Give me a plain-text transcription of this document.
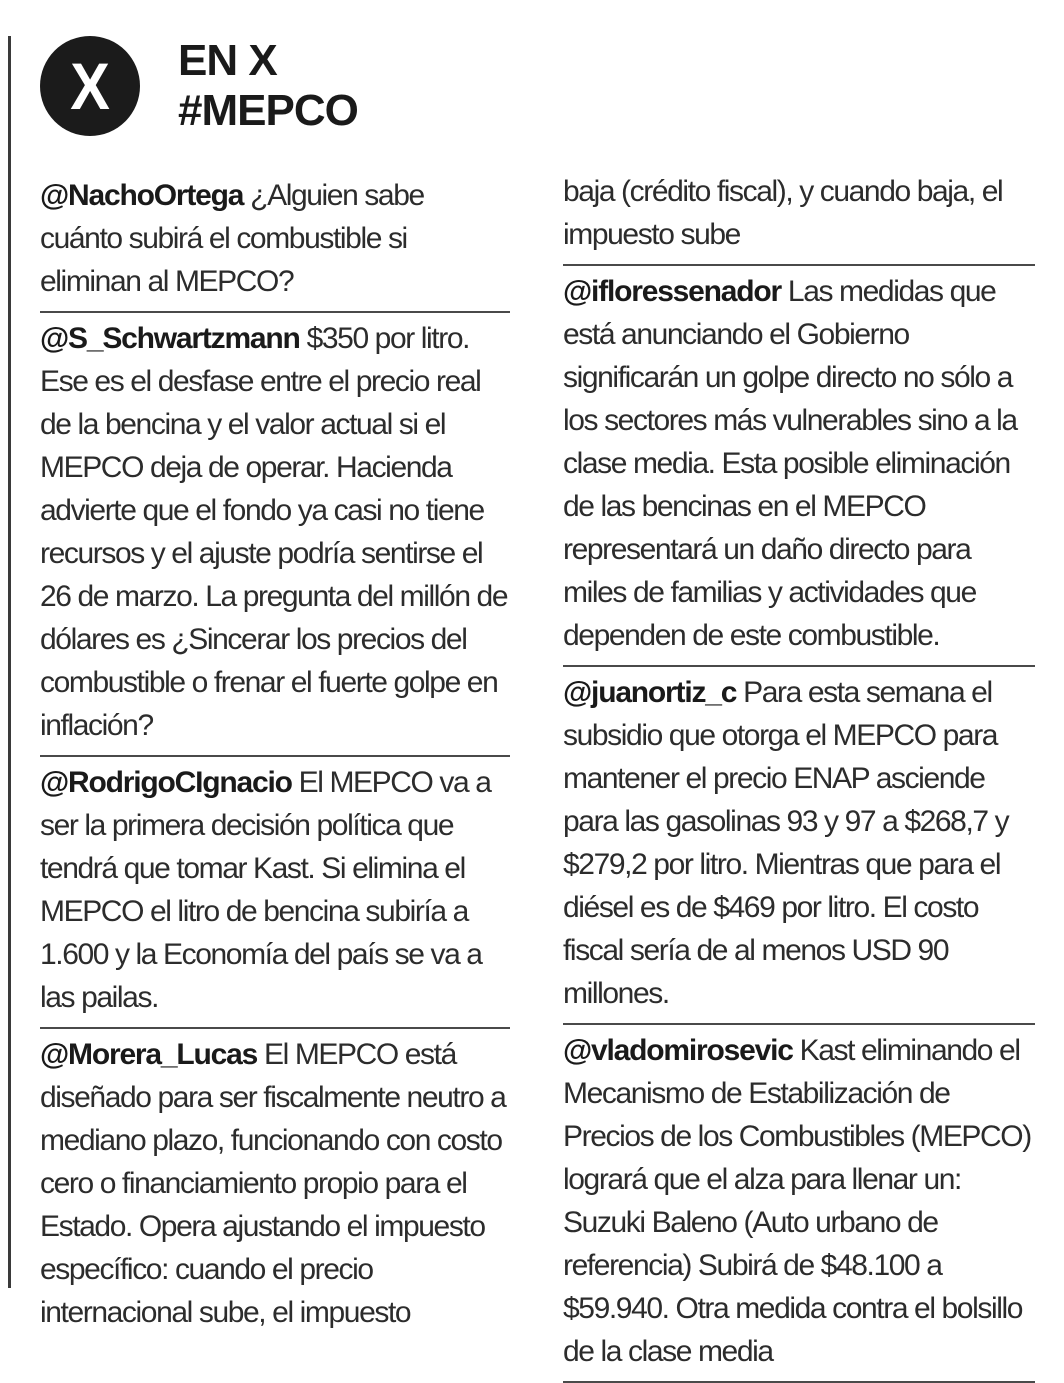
X EN X
#MEPCO
@NachoOrtega ¿Alguien sabe cuánto subirá el combustible si eliminan al MEPCO?
@S_Schwartzmann $350 por litro. Ese es el desfase entre el precio real de la bencina y el valor actual si el MEPCO deja de operar. Hacienda advierte que el fondo ya casi no tiene recursos y el ajuste podría sentirse el 26 de marzo. La pregunta del millón de dólares es ¿Sincerar los precios del combustible o frenar el fuerte golpe en inflación?
@RodrigoCIgnacio El MEPCO va a ser la primera decisión política que tendrá que tomar Kast. Si elimina el MEPCO el litro de bencina subiría a 1.600 y la Economía del país se va a las pailas.
@Morera_Lucas El MEPCO está diseñado para ser fiscalmente neutro a mediano plazo, funcionando con costo cero o financiamiento propio para el Estado. Opera ajustando el impuesto específico: cuando el precio internacional sube, el impuesto
baja (crédito fiscal), y cuando baja, el impuesto sube
@ifloressenador Las medidas que está anunciando el Gobierno significarán un golpe directo no sólo a los sectores más vulnerables sino a la clase media. Esta posible eliminación de las bencinas en el MEPCO representará un daño directo para miles de familias y actividades que dependen de este combustible.
@juanortiz_c Para esta semana el subsidio que otorga el MEPCO para mantener el precio ENAP asciende para las gasolinas 93 y 97 a $268,7 y $279,2 por litro. Mientras que para el diésel es de $469 por litro. El costo fiscal sería de al menos USD 90 millones.
@vladomirosevic Kast eliminando el Mecanismo de Estabilización de Precios de los Combustibles (MEPCO) logrará que el alza para llenar un: Suzuki Baleno (Auto urbano de referencia) Subirá de $48.100 a $59.940. Otra medida contra el bolsillo de la clase media
